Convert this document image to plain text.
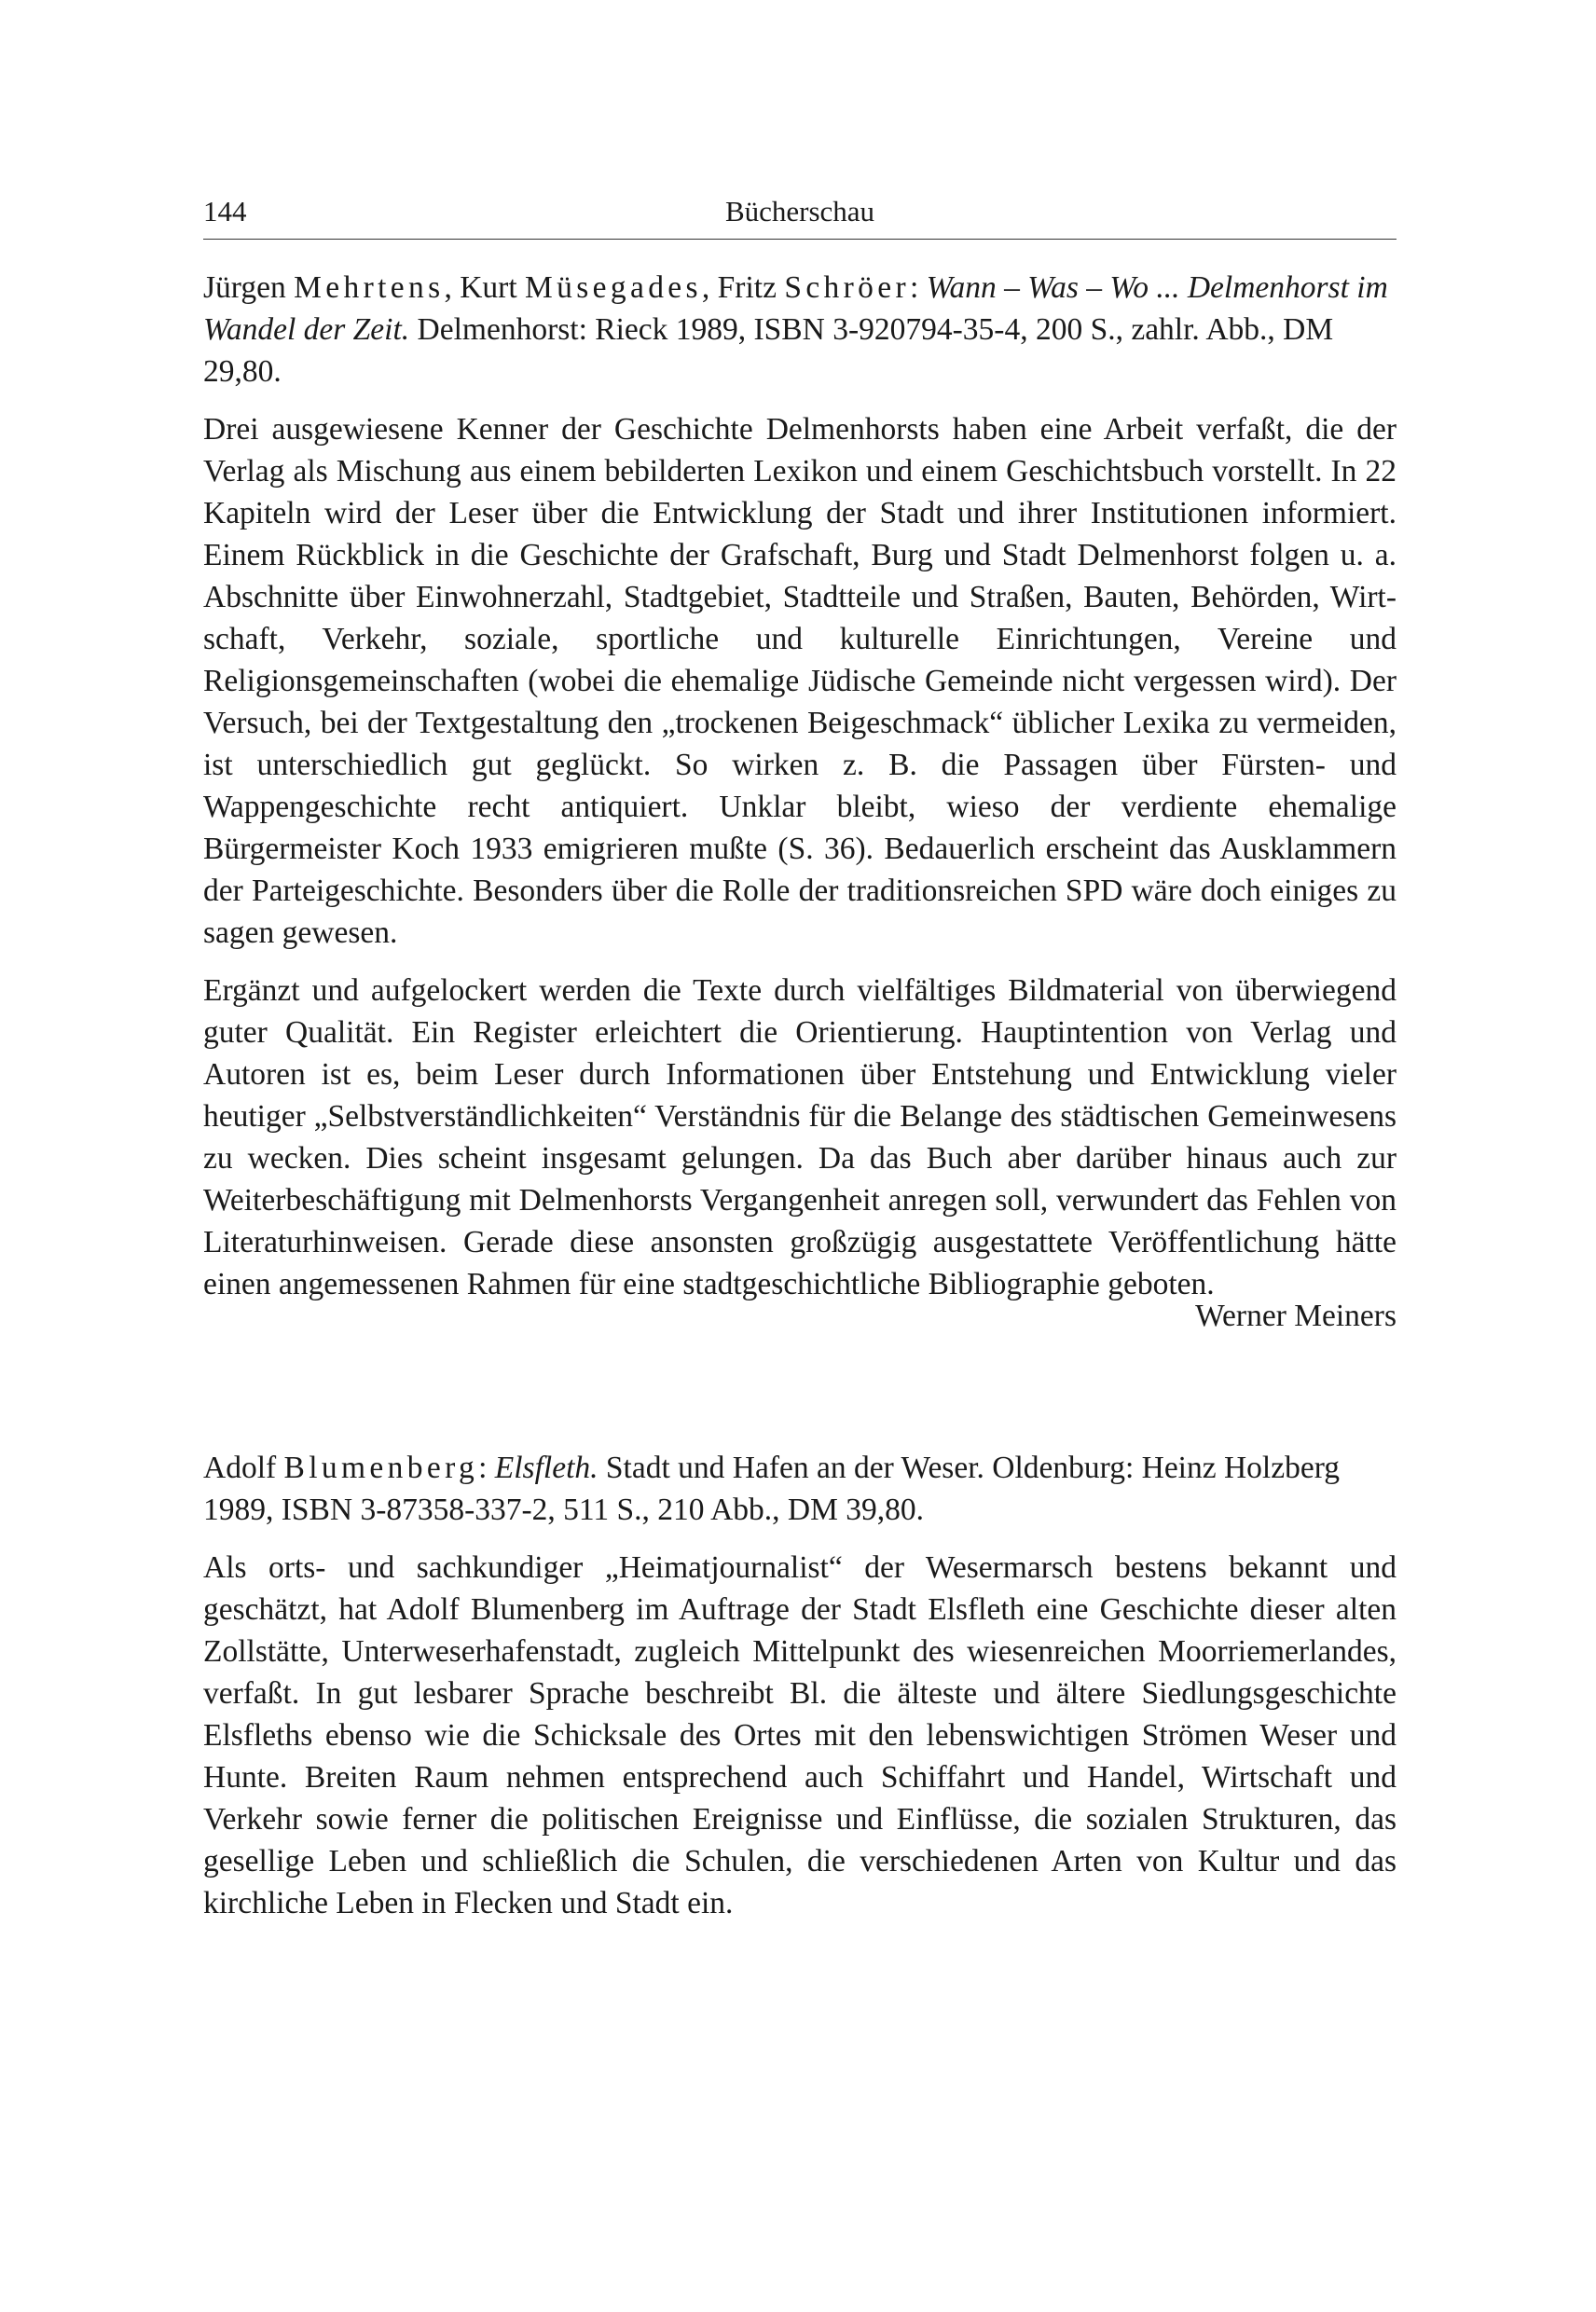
144	Bücherschau

Jürgen Mehrtens, Kurt Müsegades, Fritz Schröer: Wann – Was – Wo ... Delmenhorst im Wandel der Zeit. Delmenhorst: Rieck 1989, ISBN 3-920794-35-4, 200 S., zahlr. Abb., DM 29,80.

Drei ausgewiesene Kenner der Geschichte Delmenhorsts haben eine Arbeit verfaßt, die der Verlag als Mischung aus einem bebilderten Lexikon und einem Geschichtsbuch vorstellt. In 22 Kapiteln wird der Leser über die Entwicklung der Stadt und ihrer Institutionen informiert. Einem Rückblick in die Geschichte der Grafschaft, Burg und Stadt Delmenhorst folgen u. a. Abschnitte über Einwohnerzahl, Stadtgebiet, Stadtteile und Straßen, Bauten, Behörden, Wirtschaft, Verkehr, soziale, sportliche und kulturelle Einrichtungen, Vereine und Religionsgemeinschaften (wobei die ehemalige Jüdische Gemeinde nicht vergessen wird). Der Versuch, bei der Textgestaltung den „trockenen Beigeschmack“ üblicher Lexika zu vermeiden, ist unterschiedlich gut geglückt. So wirken z. B. die Passagen über Fürsten- und Wappengeschichte recht antiquiert. Unklar bleibt, wieso der verdiente ehemalige Bürgermeister Koch 1933 emigrieren mußte (S. 36). Bedauerlich erscheint das Ausklammern der Parteigeschichte. Besonders über die Rolle der traditionsreichen SPD wäre doch einiges zu sagen gewesen.

Ergänzt und aufgelockert werden die Texte durch vielfältiges Bildmaterial von überwiegend guter Qualität. Ein Register erleichtert die Orientierung. Hauptintention von Verlag und Autoren ist es, beim Leser durch Informationen über Entstehung und Entwicklung vieler heutiger „Selbstverständlichkeiten“ Verständnis für die Belange des städtischen Gemeinwesens zu wecken. Dies scheint insgesamt gelungen. Da das Buch aber darüber hinaus auch zur Weiterbeschäftigung mit Delmenhorsts Vergangenheit anregen soll, verwundert das Fehlen von Literaturhinweisen. Gerade diese ansonsten großzügig ausgestattete Veröffentlichung hätte einen angemessenen Rahmen für eine stadtgeschichtliche Bibliographie geboten.

Werner Meiners

Adolf Blumenberg: Elsfleth. Stadt und Hafen an der Weser. Oldenburg: Heinz Holzberg 1989, ISBN 3-87358-337-2, 511 S., 210 Abb., DM 39,80.

Als orts- und sachkundiger „Heimatjournalist“ der Wesermarsch bestens bekannt und geschätzt, hat Adolf Blumenberg im Auftrage der Stadt Elsfleth eine Geschichte dieser alten Zollstätte, Unterweserhafenstadt, zugleich Mittelpunkt des wiesenreichen Moorriemerlandes, verfaßt. In gut lesbarer Sprache beschreibt Bl. die älteste und ältere Siedlungsgeschichte Elsfleths ebenso wie die Schicksale des Ortes mit den lebenswichtigen Strömen Weser und Hunte. Breiten Raum nehmen entsprechend auch Schiffahrt und Handel, Wirtschaft und Verkehr sowie ferner die politischen Ereignisse und Einflüsse, die sozialen Strukturen, das gesellige Leben und schließlich die Schulen, die verschiedenen Arten von Kultur und das kirchliche Leben in Flecken und Stadt ein.
